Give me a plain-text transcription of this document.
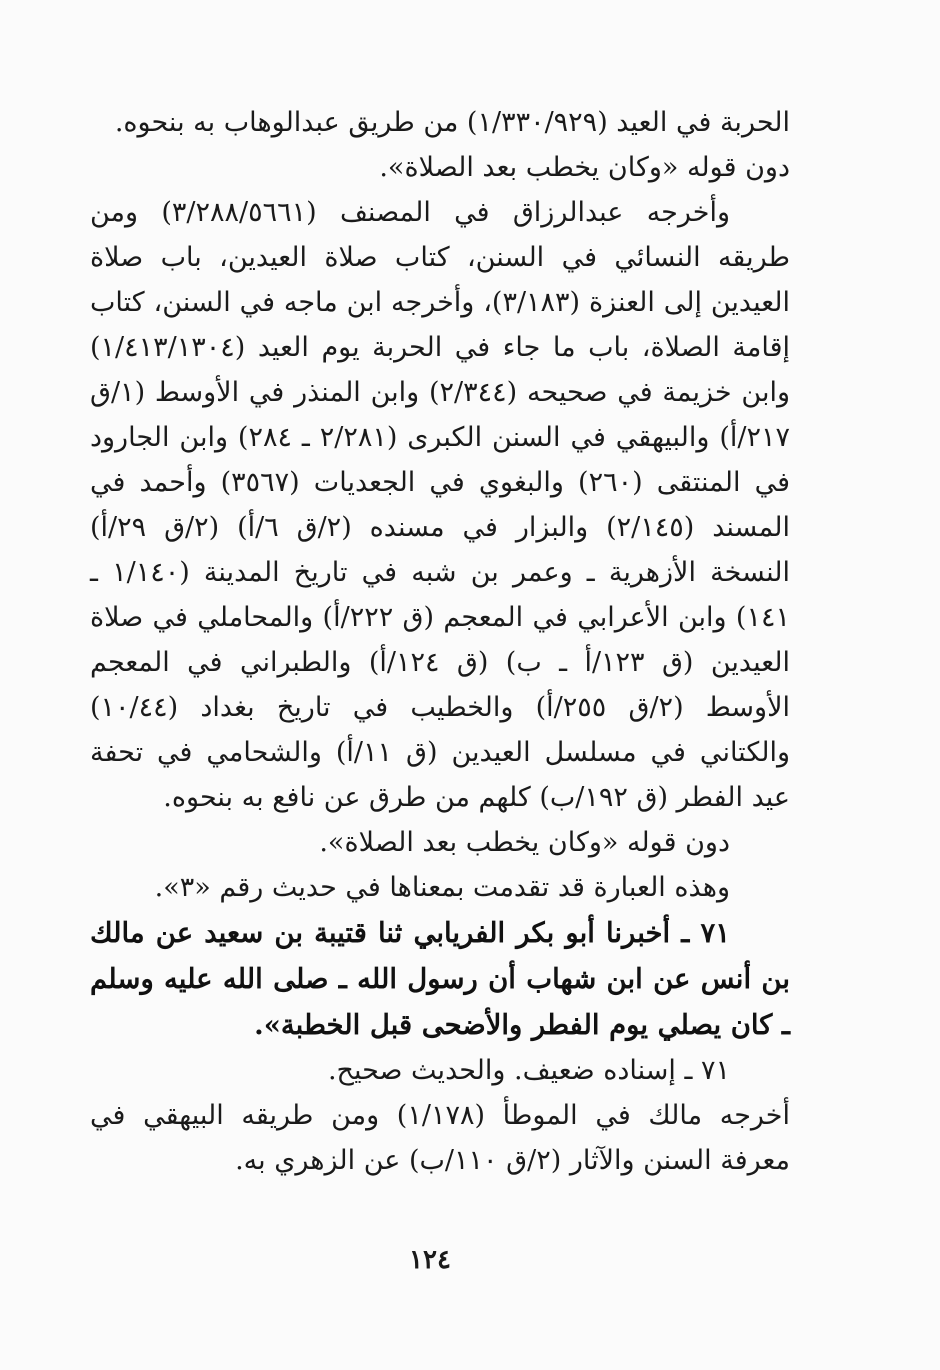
الحربة في العيد (١/٣٣٠/٩٢٩) من طريق عبدالوهاب به بنحوه.

دون قوله «وكان يخطب بعد الصلاة».

وأخرجه عبدالرزاق في المصنف (٣/٢٨٨/٥٦٦١) ومن طريقه النسائي في السنن، كتاب صلاة العيدين، باب صلاة العيدين إلى العنزة (٣/١٨٣)، وأخرجه ابن ماجه في السنن، كتاب إقامة الصلاة، باب ما جاء في الحربة يوم العيد (١/٤١٣/١٣٠٤) وابن خزيمة في صحيحه (٢/٣٤٤) وابن المنذر في الأوسط (١/ق ٢١٧/أ) والبيهقي في السنن الكبرى (٢/٢٨١ ـ ٢٨٤) وابن الجارود في المنتقى (٢٦٠) والبغوي في الجعديات (٣٥٦٧) وأحمد في المسند (٢/١٤٥) والبزار في مسنده (٢/ق ٦/أ) (٢/ق ٢٩/أ) النسخة الأزهرية ـ وعمر بن شبه في تاريخ المدينة (١/١٤٠ ـ ١٤١) وابن الأعرابي في المعجم (ق ٢٢٢/أ) والمحاملي في صلاة العيدين (ق ١٢٣/أ ـ ب) (ق ١٢٤/أ) والطبراني في المعجم الأوسط (٢/ق ٢٥٥/أ) والخطيب في تاريخ بغداد (١٠/٤٤) والكتاني في مسلسل العيدين (ق ١١/أ) والشحامي في تحفة عيد الفطر (ق ١٩٢/ب) كلهم من طرق عن نافع به بنحوه.

دون قوله «وكان يخطب بعد الصلاة».

وهذه العبارة قد تقدمت بمعناها في حديث رقم «٣».

٧١ ـ أخبرنا أبو بكر الفريابي ثنا قتيبة بن سعيد عن مالك بن أنس عن ابن شهاب أن رسول الله ـ صلى الله عليه وسلم ـ كان يصلي يوم الفطر والأضحى قبل الخطبة».

٧١ ـ إسناده ضعيف. والحديث صحيح.

أخرجه مالك في الموطأ (١/١٧٨) ومن طريقه البيهقي في معرفة السنن والآثار (٢/ق ١١٠/ب) عن الزهري به.

١٢٤
